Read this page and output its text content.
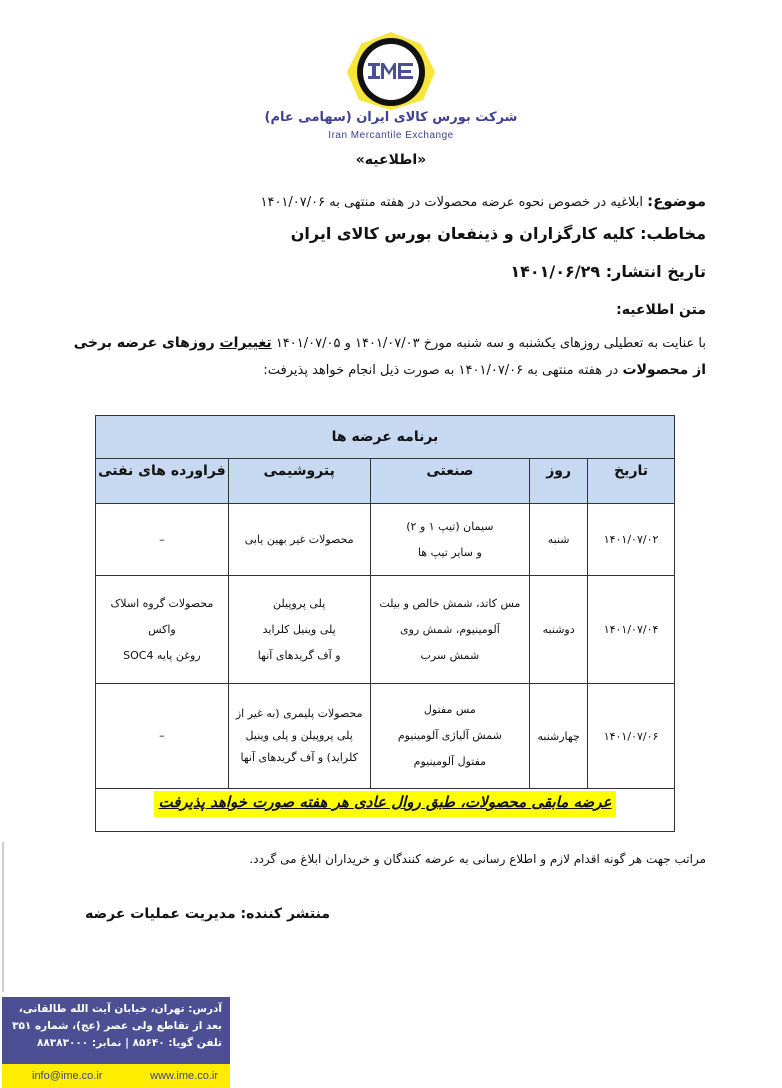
شرکت بورس کالای ایران (سهامی عام)
Iran Mercantile Exchange
«اطلاعیه»
موضوع: ابلاغیه در خصوص نحوه عرضه محصولات در هفته منتهی به ۱۴۰۱/۰۷/۰۶
مخاطب: کلیه کارگزاران و ذینفعان بورس کالای ایران
تاریخ انتشار: ۱۴۰۱/۰۶/۲۹
متن اطلاعیه:
با عنایت به تعطیلی روزهای یکشنبه و سه شنبه مورخ ۱۴۰۱/۰۷/۰۳ و ۱۴۰۱/۰۷/۰۵ تغییرات روزهای عرضه برخی از محصولات در هفته منتهی به ۱۴۰۱/۰۷/۰۶ به صورت ذیل انجام خواهد پذیرفت:
برنامه عرضه ها				
تاریخ	روز	صنعتی	پتروشیمی	فراورده های نفتی
۱۴۰۱/۰۷/۰۲	شنبه	سیمان (تیپ ۱ و ۲)
و سایر تیپ ها	محصولات غیر بهین یابی	–

۱۴۰۱/۰۷/۰۴	دوشنبه	مس کاتد، شمش خالص و بیلت
آلومینیوم، شمش روی
شمش سرب	پلی پروپیلن
پلی وینیل کلراید
و آف گریدهای آنها	محصولات گروه اسلاک
واکس
روغن پایه SOC4

۱۴۰۱/۰۷/۰۶	چهارشنبه	مس مفتول
شمش آلیاژی آلومینیوم
مفتول آلومینیوم	محصولات پلیمری (به غیر از
پلی پروپیلن و پلی وینیل
کلراید) و آف گریدهای آنها	–

عرضه مابقی محصولات، طبق روال عادی هر هفته صورت خواهد پذیرفت				
مراتب جهت هر گونه اقدام لازم و اطلاع رسانی به عرضه کنندگان و خریداران ابلاغ می گردد.
منتشر کننده: مدیریت عملیات عرضه
آدرس: تهران، خیابان آیت الله طالقانی،
بعد از تقاطع ولی عصر (عج)، شماره ۳۵۱
تلفن گویا: ۸۵۶۴۰ | نمابر: ۸۸۳۸۳۰۰۰
info@ime.co.ir	www.ime.co.ir
